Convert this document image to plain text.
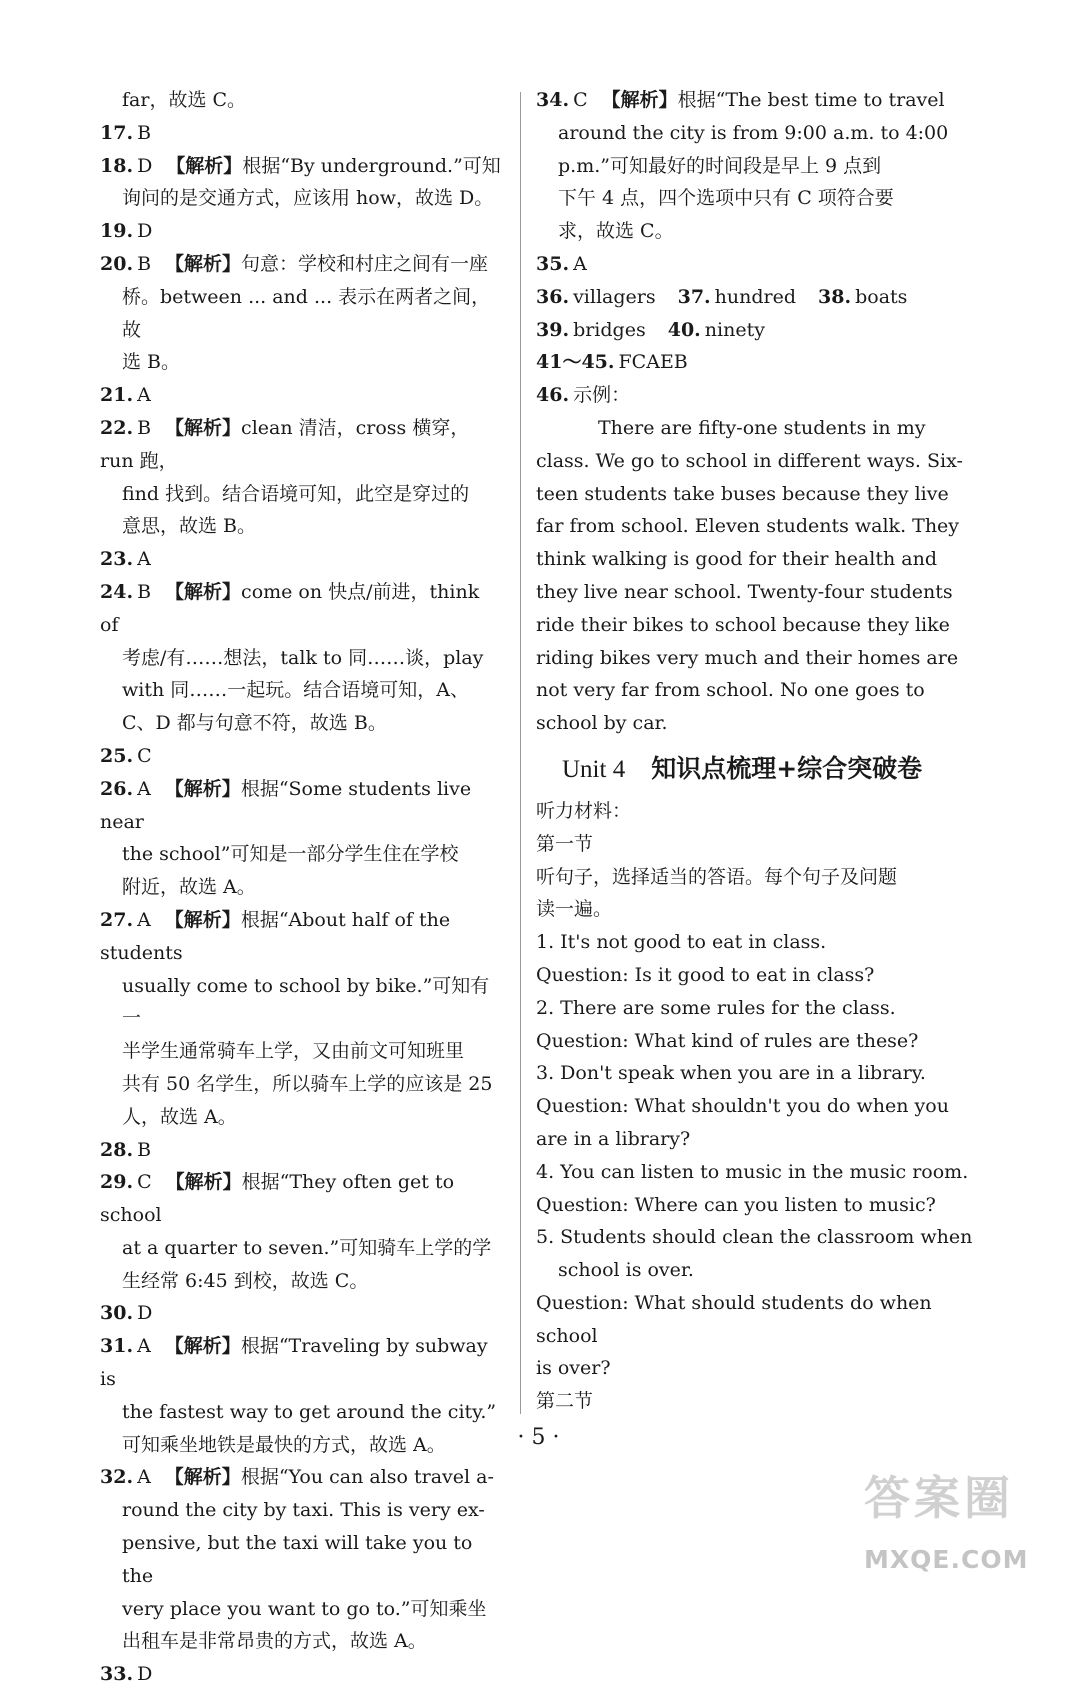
far，故选 C。
17. B
18. D 【解析】根据“By underground.”可知
询问的是交通方式，应该用 how，故选 D。
19. D
20. B 【解析】句意：学校和村庄之间有一座
桥。between ... and ... 表示在两者之间，故
选 B。
21. A
22. B 【解析】clean 清洁，cross 横穿，run 跑，
find 找到。结合语境可知，此空是穿过的
意思，故选 B。
23. A
24. B 【解析】come on 快点/前进，think of
考虑/有……想法，talk to 同……谈，play
with 同……一起玩。结合语境可知，A、
C、D 都与句意不符，故选 B。
25. C
26. A 【解析】根据“Some students live near
the school”可知是一部分学生住在学校
附近，故选 A。
27. A 【解析】根据“About half of the students
usually come to school by bike.”可知有一
半学生通常骑车上学，又由前文可知班里
共有 50 名学生，所以骑车上学的应该是 25
人，故选 A。
28. B
29. C 【解析】根据“They often get to school
at a quarter to seven.”可知骑车上学的学
生经常 6:45 到校，故选 C。
30. D
31. A 【解析】根据“Traveling by subway is
the fastest way to get around the city.”
可知乘坐地铁是最快的方式，故选 A。
32. A 【解析】根据“You can also travel a-
round the city by taxi. This is very ex-
pensive, but the taxi will take you to the
very place you want to go to.”可知乘坐
出租车是非常昂贵的方式，故选 A。
33. D
34. C 【解析】根据“The best time to travel
around the city is from 9:00 a.m. to 4:00
p.m.”可知最好的时间段是早上 9 点到
下午 4 点，四个选项中只有 C 项符合要
求，故选 C。
35. A
36. villagers 37. hundred 38. boats
39. bridges 40. ninety
41～45. FCAEB
46. 示例：
There are fifty-one students in my
class. We go to school in different ways. Six-
teen students take buses because they live
far from school. Eleven students walk. They
think walking is good for their health and
they live near school. Twenty-four students
ride their bikes to school because they like
riding bikes very much and their homes are
not very far from school. No one goes to
school by car.
Unit 4 知识点梳理+综合突破卷
听力材料：
第一节
听句子，选择适当的答语。每个句子及问题
读一遍。
1. It's not good to eat in class.
Question: Is it good to eat in class?
2. There are some rules for the class.
Question: What kind of rules are these?
3. Don't speak when you are in a library.
Question: What shouldn't you do when you
are in a library?
4. You can listen to music in the music room.
Question: Where can you listen to music?
5. Students should clean the classroom when
school is over.
Question: What should students do when school
is over?
第二节
· 5 ·
答案圈
MXQE.COM
